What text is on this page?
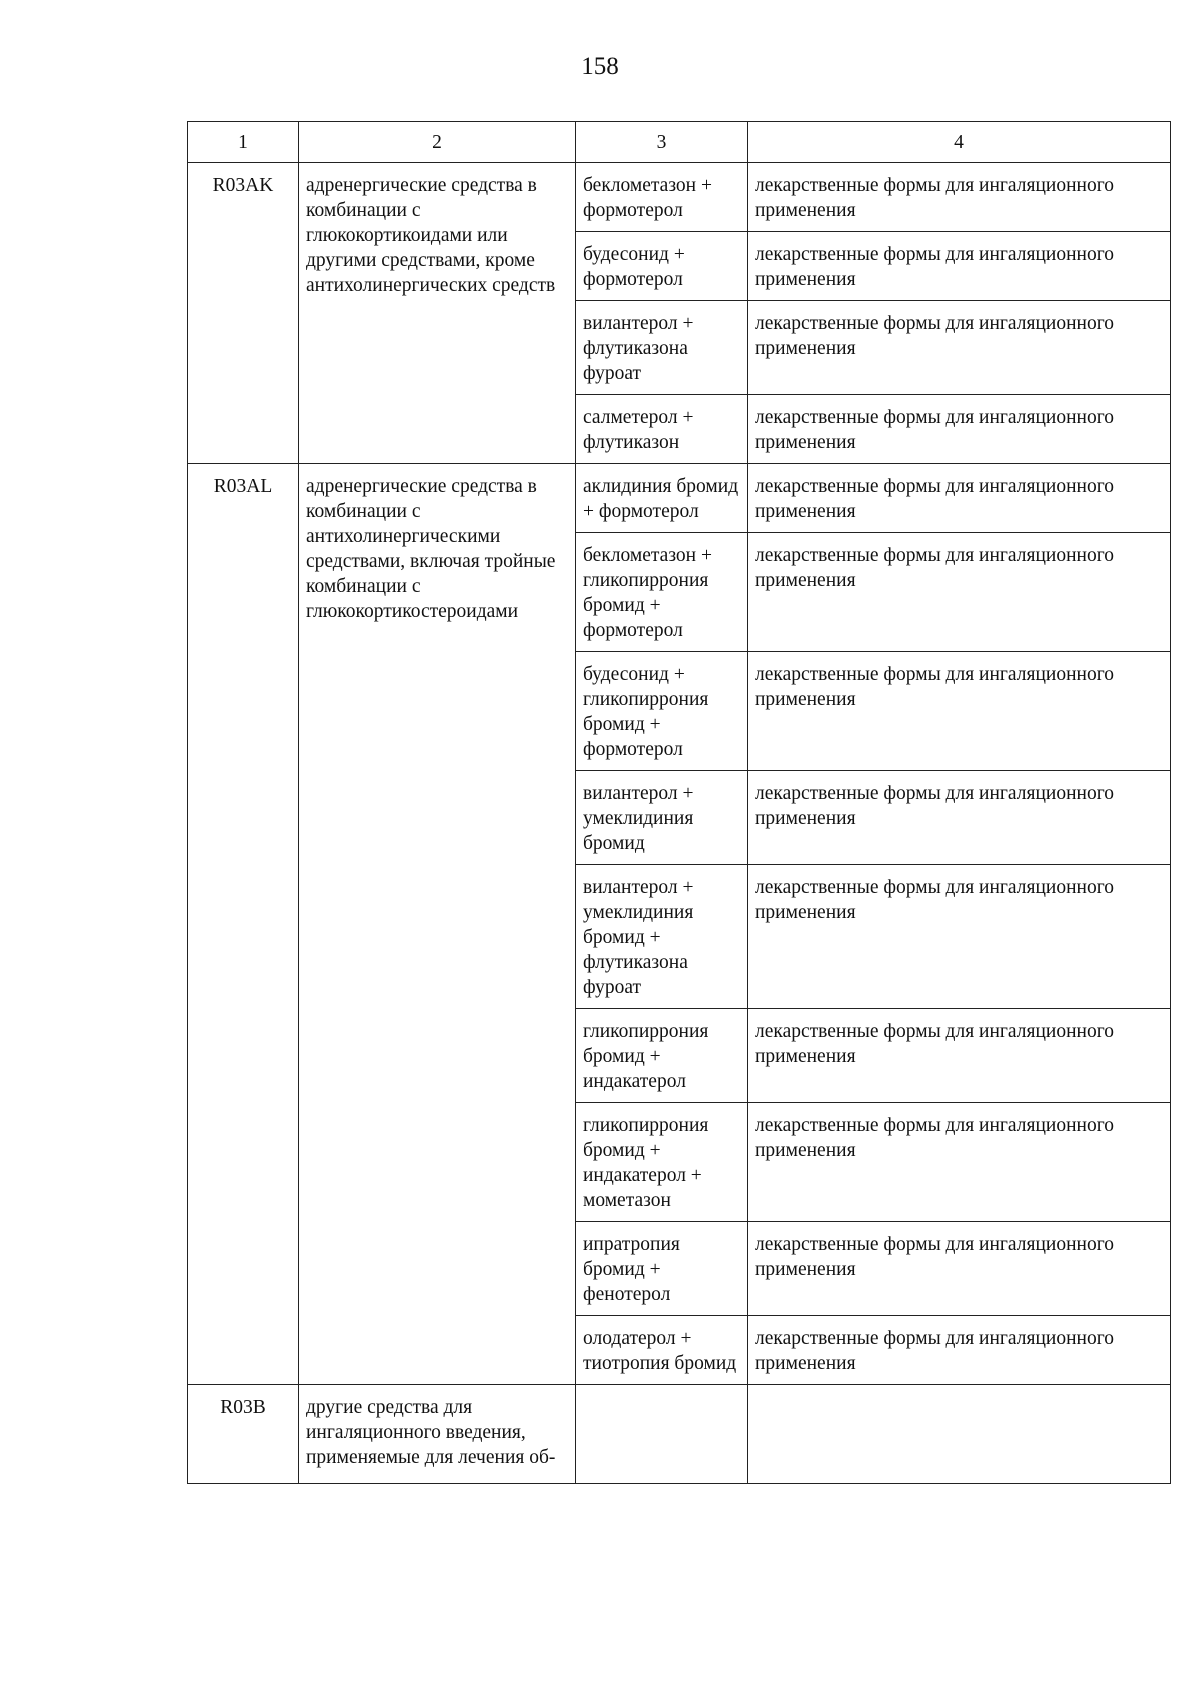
158
1	2	3	4
R03AK	адренергические средства в комбинации с глюкокортикоидами или другими средствами, кроме антихолинергических средств	беклометазон + формотерол	лекарственные формы для ингаляционного применения
		будесонид + формотерол	лекарственные формы для ингаляционного применения
		вилантерол + флутиказона фуроат	лекарственные формы для ингаляционного применения
		салметерол + флутиказон	лекарственные формы для ингаляционного применения
R03AL	адренергические средства в комбинации с антихолинергическими средствами, включая тройные комбинации с глюкокортикостероидами	аклидиния бромид + формотерол	лекарственные формы для ингаляционного применения
		беклометазон + гликопиррония бромид + формотерол	лекарственные формы для ингаляционного применения
		будесонид + гликопиррония бромид + формотерол	лекарственные формы для ингаляционного применения
		вилантерол + умеклидиния бромид	лекарственные формы для ингаляционного применения
		вилантерол + умеклидиния бромид + флутиказона фуроат	лекарственные формы для ингаляционного применения
		гликопиррония бромид + индакатерол	лекарственные формы для ингаляционного применения
		гликопиррония бромид + индакатерол + мометазон	лекарственные формы для ингаляционного применения
		ипратропия бромид + фенотерол	лекарственные формы для ингаляционного применения
		олодатерол + тиотропия бромид	лекарственные формы для ингаляционного применения
R03B	другие средства для ингаляционного введения, применяемые для лечения об-		
